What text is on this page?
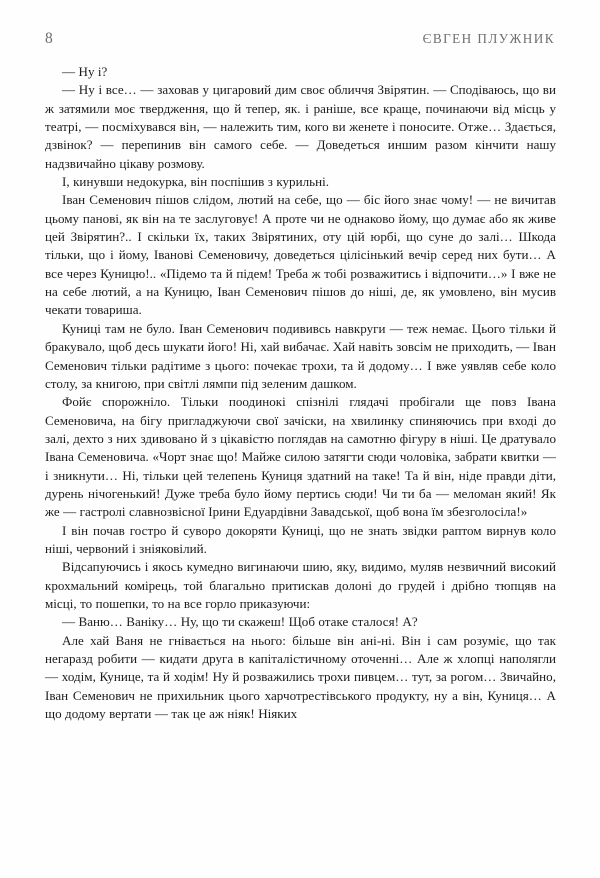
8	ЄВГЕН ПЛУЖНИК

— Ну і?

— Ну і все… — заховав у цигаровий дим своє обличчя Звірятин. — Сподіваюсь, що ви ж затямили моє твердження, що й тепер, як. і раніше, все краще, починаючи від місць у театрі, — посміхувався він, — належить тим, кого ви женете і поносите. Отже… Здається, дзвінок? — перепинив він самого себе. — Доведеться иншим разом кінчити нашу надзвичайно цікаву розмову.

І, кинувши недокурка, він поспішив з курильні.

Іван Семенович пішов слідом, лютий на себе, що — біс його знає чому! — не вичитав цьому панові, як він на те заслуговує! А проте чи не однаково йому, що думає або як живе цей Звірятин?.. І скільки їх, таких Звірятиних, оту цій юрбі, що суне до залі… Шкода тільки, що і йому, Іванові Семеновичу, доведеться цілісінький вечір серед них бути… А все через Куницю!.. «Підемо та й підем! Треба ж тобі розважитись і відпочити…» І вже не на себе лютий, а на Куницю, Іван Семенович пішов до ніші, де, як умовлено, він мусив чекати товариша.

Куниці там не було. Іван Семенович подививсь навкруги — теж немає. Цього тільки й бракувало, щоб десь шукати його! Ні, хай вибачає. Хай навіть зовсім не приходить, — Іван Семенович тільки радітиме з цього: почекає трохи, та й додому… І вже уявляв себе коло столу, за книгою, при світлі лямпи під зеленим дашком.

Фойє спорожніло. Тільки поодинокі спізнілі глядачі пробігали ще повз Івана Семеновича, на бігу пригладжуючи свої зачіски, на хвилинку спиняючись при вході до залі, дехто з них здивовано й з цікавістю поглядав на самотню фігуру в ніші. Це дратувало Івана Семеновича. «Чорт знає що! Майже силою затягти сюди чоловіка, забрати квитки — і зникнути… Ні, тільки цей телепень Куниця здатний на таке! Та й він, ніде правди діти, дурень нічогенький! Дуже треба було йому пертись сюди! Чи ти ба — меломан який! Як же — гастролі славнозвісної Ірини Едуардівни Завадської, щоб вона їм збезголосіла!»

І він почав гостро й суворо докоряти Куниці, що не знать звідки раптом вирнув коло ніші, червоний і зніяковілий.

Відсапуючись і якось кумедно вигинаючи шию, яку, видимо, муляв незвичний високий крохмальний комірець, той благально притискав долоні до грудей і дрібно тюпцяв на місці, то пошепки, то на все горло приказуючи:

— Ваню… Ваніку… Ну, що ти скажеш! Щоб отаке сталося! А?

Але хай Ваня не гнівається на нього: більше він ані-ні. Він і сам розуміє, що так негаразд робити — кидати друга в капіталістичному оточенні… Але ж хлопці наполягли — ходім, Кунице, та й ходім! Ну й розважились трохи пивцем… тут, за рогом… Звичайно, Іван Семенович не прихильник цього харчотрестівського продукту, ну а він, Куниця… А що додому вертати — так це аж ніяк! Ніяких
